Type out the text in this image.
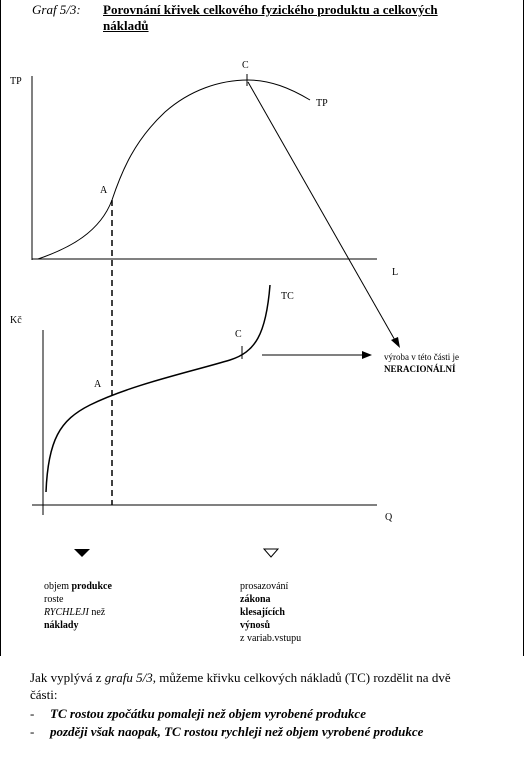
Graf 5/3: Porovnání křivek celkového fyzického produktu a celkových
nákladů
TP
L
TP
A
C
Kč
Q
TC
A
C
výroba v této části je
NERACIONÁLNÍ
objem produkce
roste
RYCHLEJI než
náklady
prosazování
zákona
klesajících
výnosů
z variab.vstupu
Jak vyplývá z grafu 5/3, můžeme křivku celkových nákladů (TC) rozdělit na dvě
části:
- TC rostou zpočátku pomaleji než objem vyrobené produkce
- později však naopak, TC rostou rychleji než objem vyrobené produkce
